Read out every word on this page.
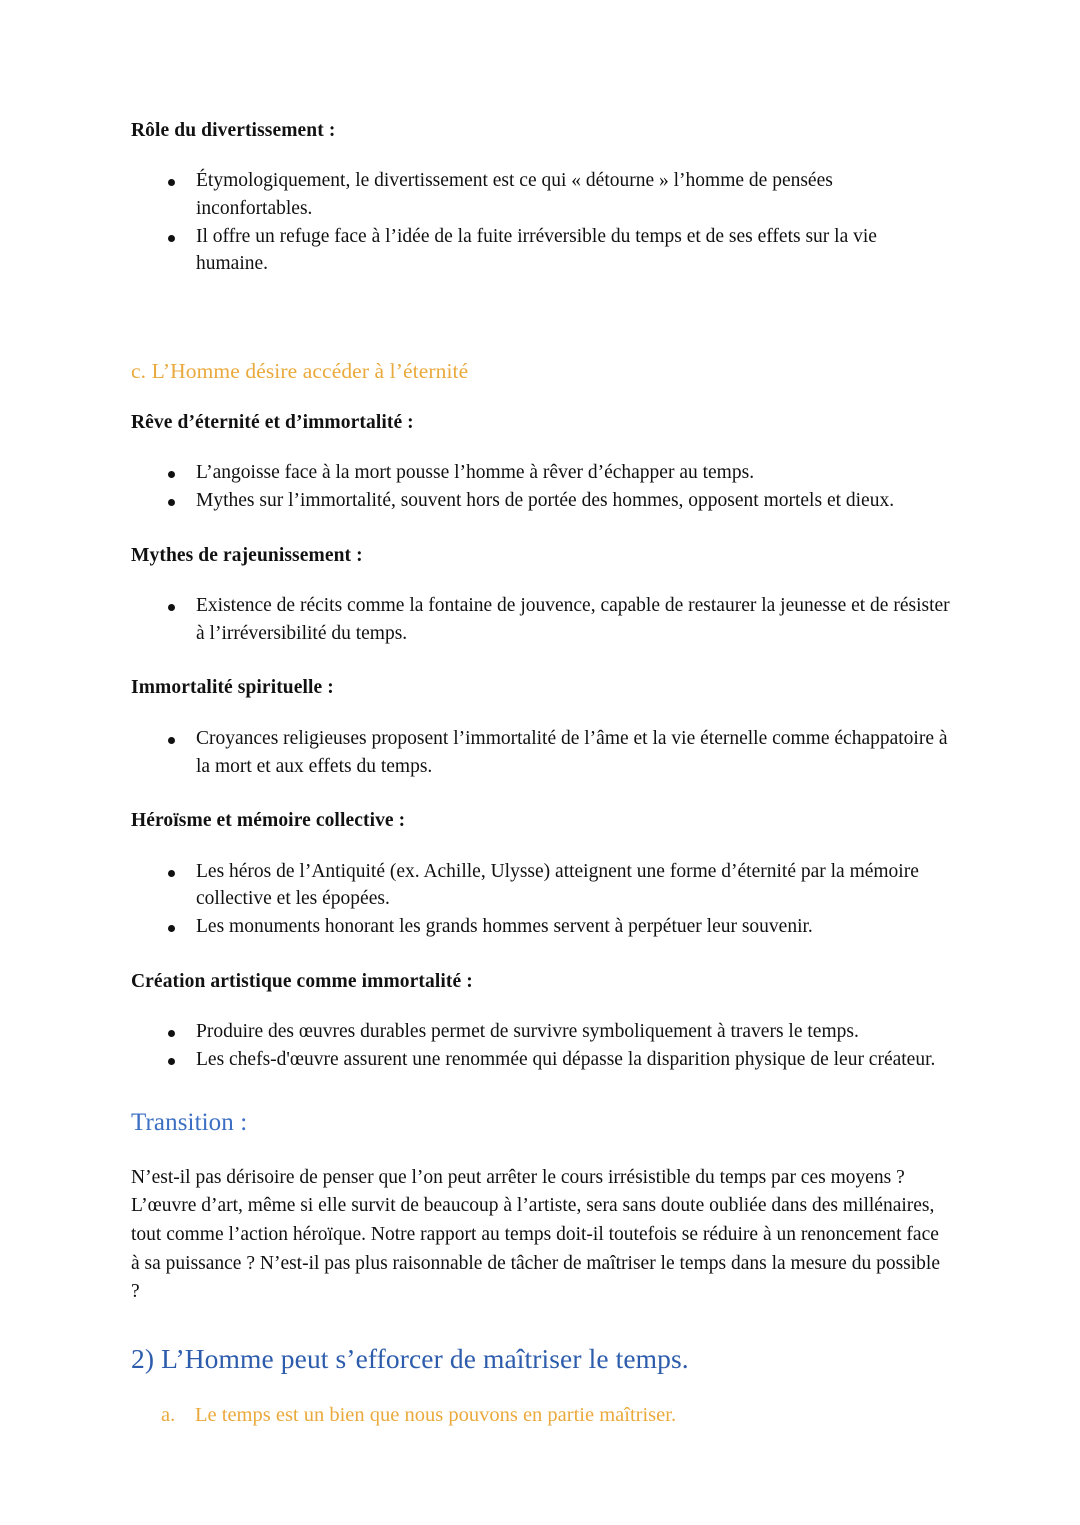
Rôle du divertissement :
Étymologiquement, le divertissement est ce qui « détourne » l’homme de pensées inconfortables.
Il offre un refuge face à l’idée de la fuite irréversible du temps et de ses effets sur la vie humaine.
c. L’Homme désire accéder à l’éternité
Rêve d’éternité et d’immortalité :
L’angoisse face à la mort pousse l’homme à rêver d’échapper au temps.
Mythes sur l’immortalité, souvent hors de portée des hommes, opposent mortels et dieux.
Mythes de rajeunissement :
Existence de récits comme la fontaine de jouvence, capable de restaurer la jeunesse et de résister à l’irréversibilité du temps.
Immortalité spirituelle :
Croyances religieuses proposent l’immortalité de l’âme et la vie éternelle comme échappatoire à la mort et aux effets du temps.
Héroïsme et mémoire collective :
Les héros de l’Antiquité (ex. Achille, Ulysse) atteignent une forme d’éternité par la mémoire collective et les épopées.
Les monuments honorant les grands hommes servent à perpétuer leur souvenir.
Création artistique comme immortalité :
Produire des œuvres durables permet de survivre symboliquement à travers le temps.
Les chefs-d'œuvre assurent une renommée qui dépasse la disparition physique de leur créateur.
Transition :

N’est-il pas dérisoire de penser que l’on peut arrêter le cours irrésistible du temps par ces moyens ? L’œuvre d’art, même si elle survit de beaucoup à l’artiste, sera sans doute oubliée dans des millénaires, tout comme l’action héroïque. Notre rapport au temps doit-il toutefois se réduire à un renoncement face à sa puissance ? N’est-il pas plus raisonnable de tâcher de maîtriser le temps dans la mesure du possible ?

2) L’Homme peut s’efforcer de maîtriser le temps.
a. Le temps est un bien que nous pouvons en partie maîtriser.
